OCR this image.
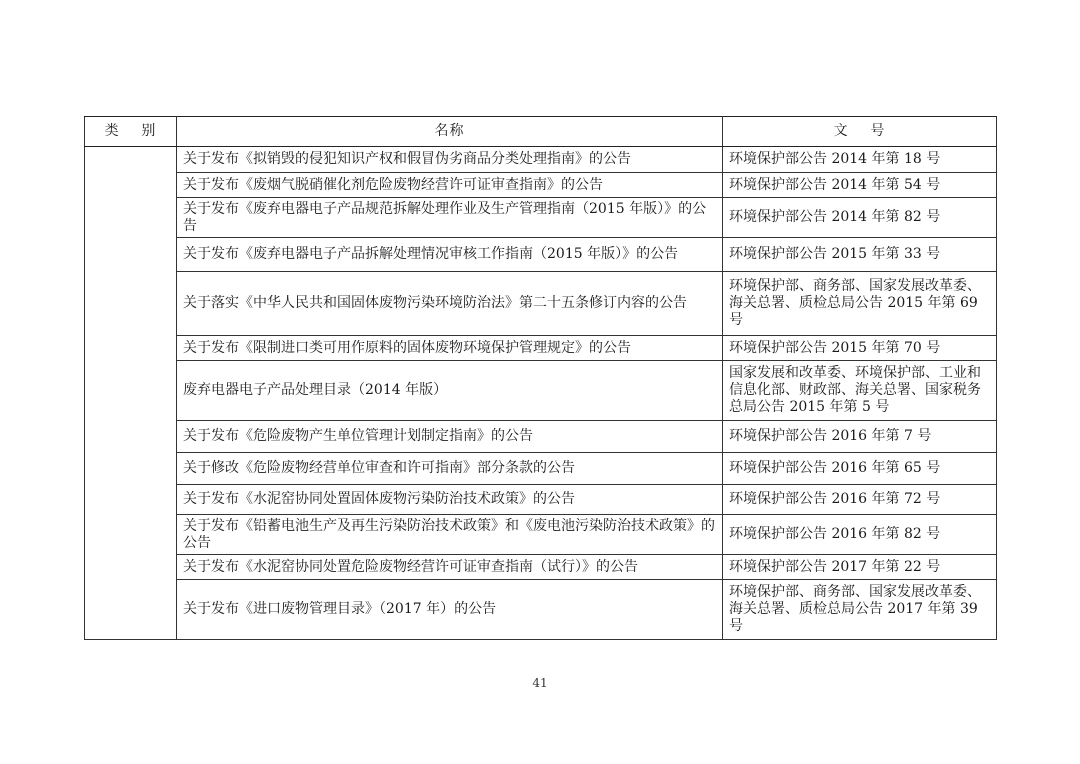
类    别	名称	文    号
	关于发布《拟销毁的侵犯知识产权和假冒伪劣商品分类处理指南》的公告	环境保护部公告 2014 年第 18 号
	关于发布《废烟气脱硝催化剂危险废物经营许可证审查指南》的公告	环境保护部公告 2014 年第 54 号
	关于发布《废弃电器电子产品规范拆解处理作业及生产管理指南（2015 年版）》的公告	环境保护部公告 2014 年第 82 号
	关于发布《废弃电器电子产品拆解处理情况审核工作指南（2015 年版）》的公告	环境保护部公告 2015 年第 33 号
	关于落实《中华人民共和国固体废物污染环境防治法》第二十五条修订内容的公告	环境保护部、商务部、国家发展改革委、海关总署、质检总局公告 2015 年第 69 号
	关于发布《限制进口类可用作原料的固体废物环境保护管理规定》的公告	环境保护部公告 2015 年第 70 号
	废弃电器电子产品处理目录（2014 年版）	国家发展和改革委、环境保护部、工业和信息化部、财政部、海关总署、国家税务总局公告 2015 年第 5 号
	关于发布《危险废物产生单位管理计划制定指南》的公告	环境保护部公告 2016 年第 7 号
	关于修改《危险废物经营单位审查和许可指南》部分条款的公告	环境保护部公告 2016 年第 65 号
	关于发布《水泥窑协同处置固体废物污染防治技术政策》的公告	环境保护部公告 2016 年第 72 号
	关于发布《铅蓄电池生产及再生污染防治技术政策》和《废电池污染防治技术政策》的公告	环境保护部公告 2016 年第 82 号
	关于发布《水泥窑协同处置危险废物经营许可证审查指南（试行）》的公告	环境保护部公告 2017 年第 22 号
	关于发布《进口废物管理目录》（2017 年）的公告	环境保护部、商务部、国家发展改革委、海关总署、质检总局公告 2017 年第 39 号
41
